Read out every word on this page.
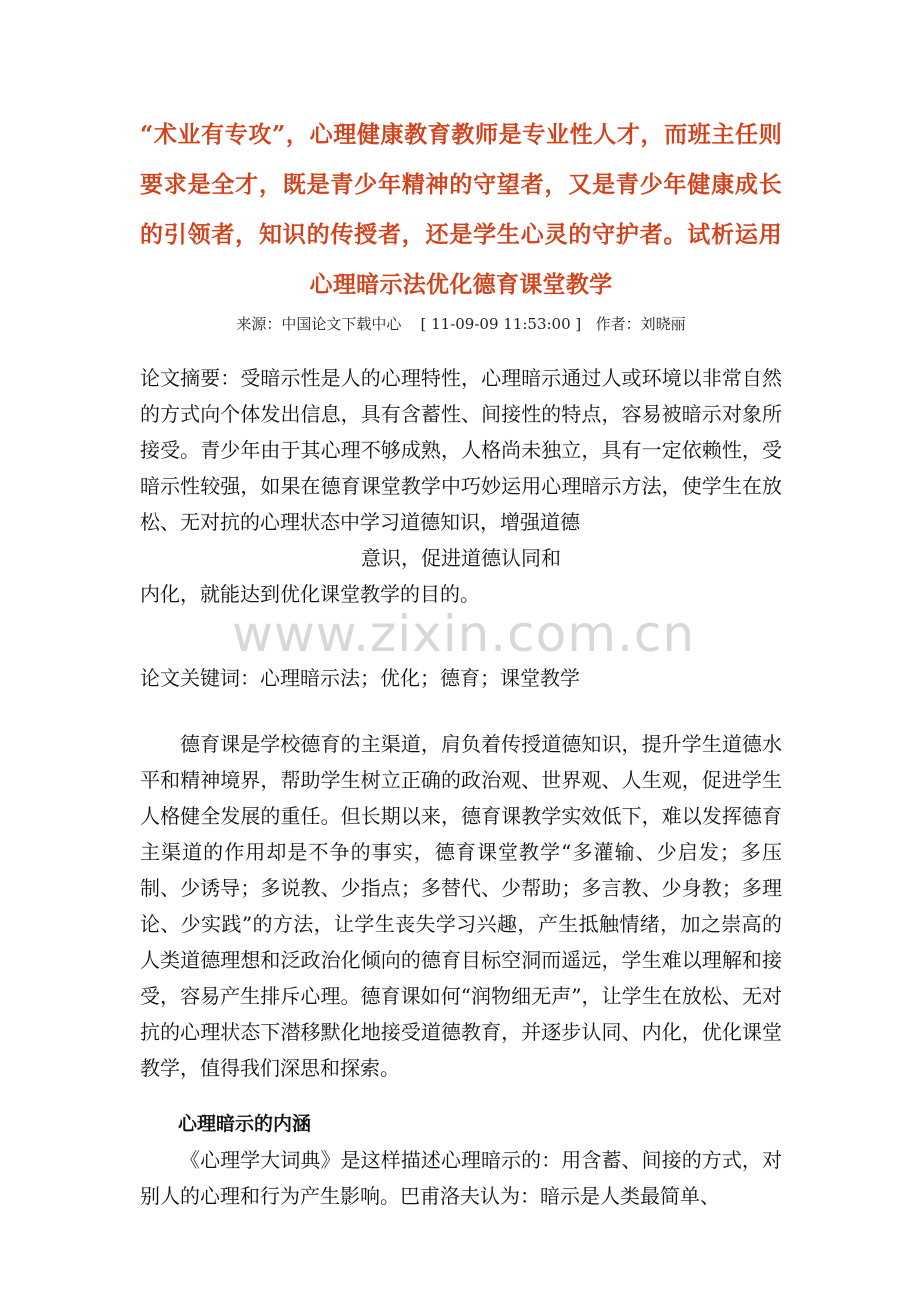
“术业有专攻”，心理健康教育教师是专业性人才，而班主任则要求是全才，既是青少年精神的守望者，又是青少年健康成长的引领者，知识的传授者，还是学生心灵的守护者。试析运用心理暗示法优化德育课堂教学
来源：中国论文下载中心 [ 11-09-09 11:53:00 ] 作者：刘晓丽
论文摘要：受暗示性是人的心理特性，心理暗示通过人或环境以非常自然的方式向个体发出信息，具有含蓄性、间接性的特点，容易被暗示对象所接受。青少年由于其心理不够成熟，人格尚未独立，具有一定依赖性，受暗示性较强，如果在德育课堂教学中巧妙运用心理暗示方法，使学生在放松、无对抗的心理状态中学习道德知识，增强道德
意识，促进道德认同和
内化，就能达到优化课堂教学的目的。
论文关键词：心理暗示法；优化；德育；课堂教学

德育课是学校德育的主渠道，肩负着传授道德知识，提升学生道德水平和精神境界，帮助学生树立正确的政治观、世界观、人生观，促进学生人格健全发展的重任。但长期以来，德育课教学实效低下，难以发挥德育主渠道的作用却是不争的事实，德育课堂教学“多灌输、少启发；多压制、少诱导；多说教、少指点；多替代、少帮助；多言教、少身教；多理论、少实践”的方法，让学生丧失学习兴趣，产生抵触情绪，加之崇高的人类道德理想和泛政治化倾向的德育目标空洞而遥远，学生难以理解和接受，容易产生排斥心理。德育课如何“润物细无声”，让学生在放松、无对抗的心理状态下潜移默化地接受道德教育，并逐步认同、内化，优化课堂教学，值得我们深思和探索。

心理暗示的内涵

《心理学大词典》是这样描述心理暗示的：用含蓄、间接的方式，对别人的心理和行为产生影响。巴甫洛夫认为：暗示是人类最简单、

www.zixin.com.cn
